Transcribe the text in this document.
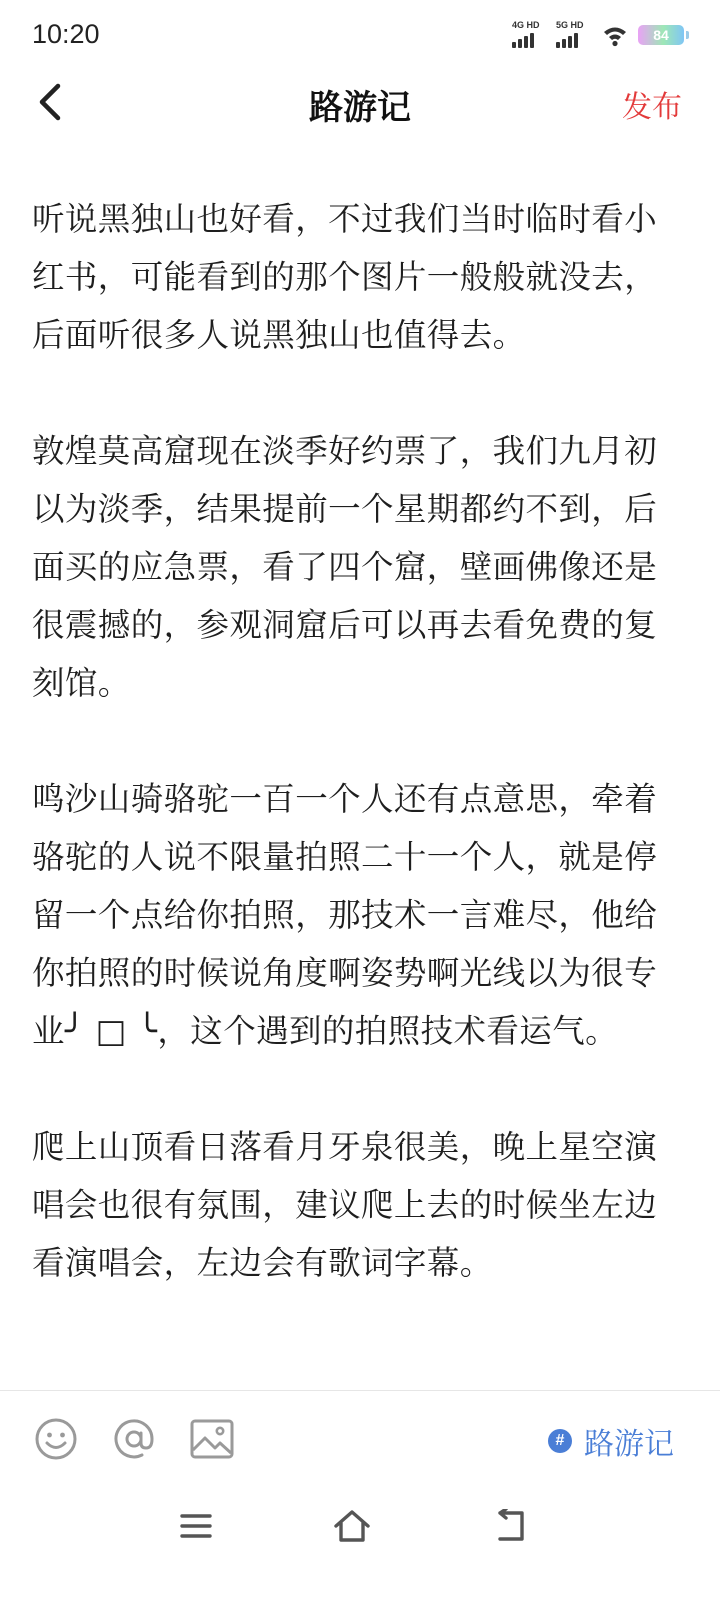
10:20	4G HD 5G HD
84
路游记	发布

听说黑独山也好看，不过我们当时临时看小红书，可能看到的那个图片一般般就没去，后面听很多人说黑独山也值得去。

敦煌莫高窟现在淡季好约票了，我们九月初以为淡季，结果提前一个星期都约不到，后面买的应急票，看了四个窟，壁画佛像还是很震撼的，参观洞窟后可以再去看免费的复刻馆。

鸣沙山骑骆驼一百一个人还有点意思，牵着骆驼的人说不限量拍照二十一个人，就是停留一个点给你拍照，那技术一言难尽，他给你拍照的时候说角度啊姿势啊光线以为很专业╯ □ ╰，这个遇到的拍照技术看运气。

爬上山顶看日落看月牙泉很美，晚上星空演唱会也很有氛围，建议爬上去的时候坐左边看演唱会，左边会有歌词字幕。

# 路游记
